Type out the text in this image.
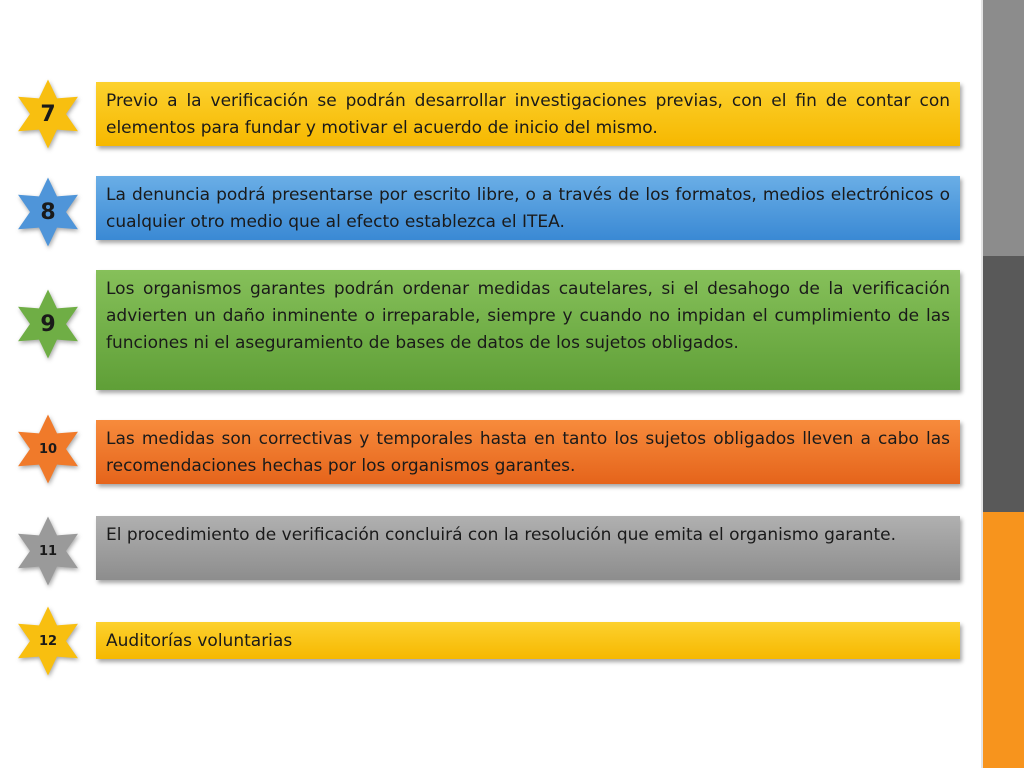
7
Previo a la verificación se podrán desarrollar investigaciones previas, con el fin de contar con elementos para fundar y motivar el acuerdo de inicio del mismo.
8
La denuncia podrá presentarse por escrito libre, o a través de los formatos, medios electrónicos o cualquier otro medio que al efecto establezca el ITEA.
9
Los organismos garantes podrán ordenar medidas cautelares, si el desahogo de la verificación advierten un daño inminente o irreparable, siempre y cuando no impidan el cumplimiento de las funciones ni el aseguramiento de bases de datos de los sujetos obligados.
10	Las medidas son correctivas y temporales hasta en tanto los sujetos obligados lleven a cabo las recomendaciones hechas por los organismos garantes.
11
El procedimiento de verificación concluirá con la resolución que emita el organismo garante.
12	Auditorías voluntarias
